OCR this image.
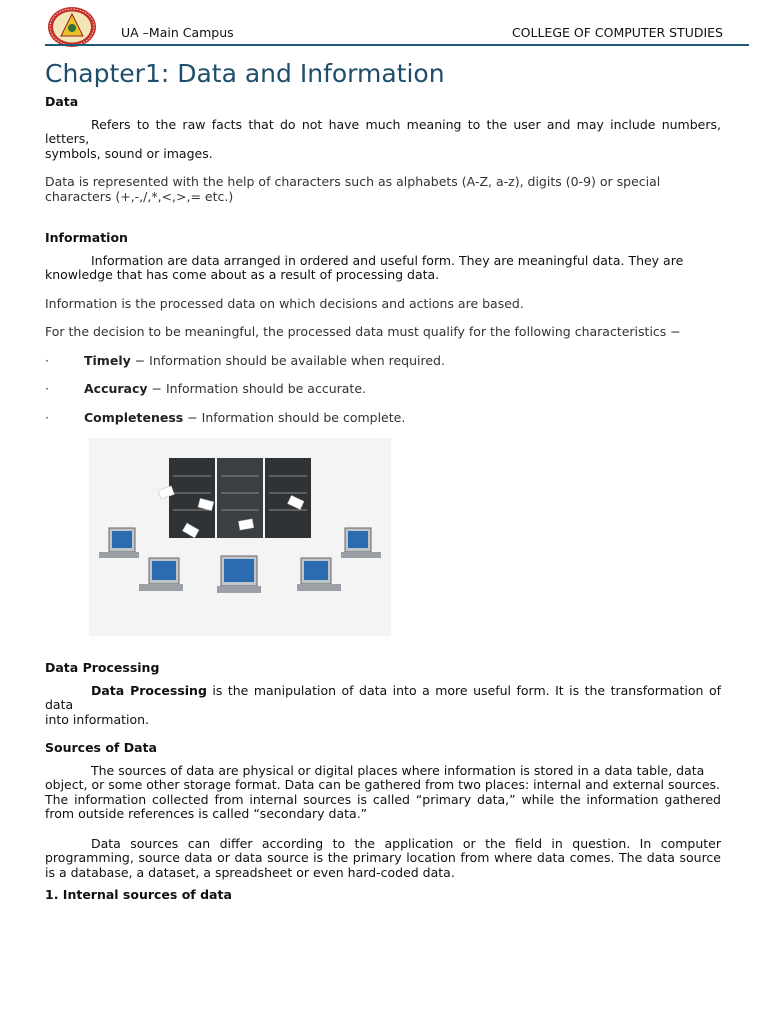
UA –Main Campus	COLLEGE OF COMPUTER STUDIES
Chapter1: Data and Information

Data

Refers to the raw facts that do not have much meaning to the user and may include numbers, letters,

symbols, sound or images.

Data is represented with the help of characters such as alphabets (A-Z, a-z), digits (0-9) or special characters (+,-,/,*,<,>,= etc.)

Information

Information are data arranged in ordered and useful form. They are meaningful data. They are

knowledge that has come about as a result of processing data.

Information is the processed data on which decisions and actions are based.

For the decision to be meaningful, the processed data must qualify for the following characteristics −

·	Timely − Information should be available when required.

·	Accuracy − Information should be accurate.

·	Completeness − Information should be complete.

Data Processing

Data Processing is the manipulation of data into a more useful form. It is the transformation of data

into information.

Sources of Data

The sources of data are physical or digital places where information is stored in a data table, data

object, or some other storage format. Data can be gathered from two places: internal and external sources.

The information collected from internal sources is called “primary data,” while the information gathered from outside references is called “secondary data.”

Data sources can differ according to the application or the field in question. In computer programming, source data or data source is the primary location from where data comes. The data source is a database, a dataset, a spreadsheet or even hard-coded data.

1. Internal sources of data
